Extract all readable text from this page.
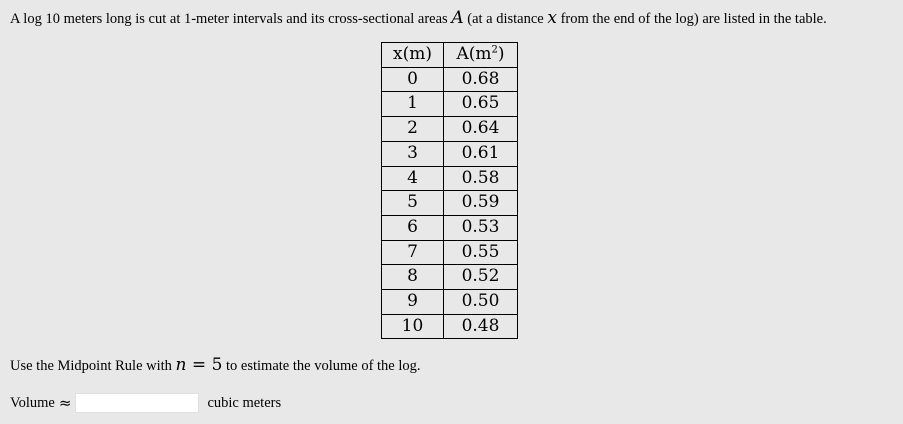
A log 10 meters long is cut at 1-meter intervals and its cross-sectional areas A (at a distance x from the end of the log) are listed in the table.
x(m)	$A(m^2)$
0	0.68
1	0.65
2	0.64
3	0.61
4	0.58
5	0.59
6	0.53
7	0.55
8	0.52
9	0.50
10	0.48
Use the Midpoint Rule with n = 5 to estimate the volume of the log.
Volume ≈	cubic meters
